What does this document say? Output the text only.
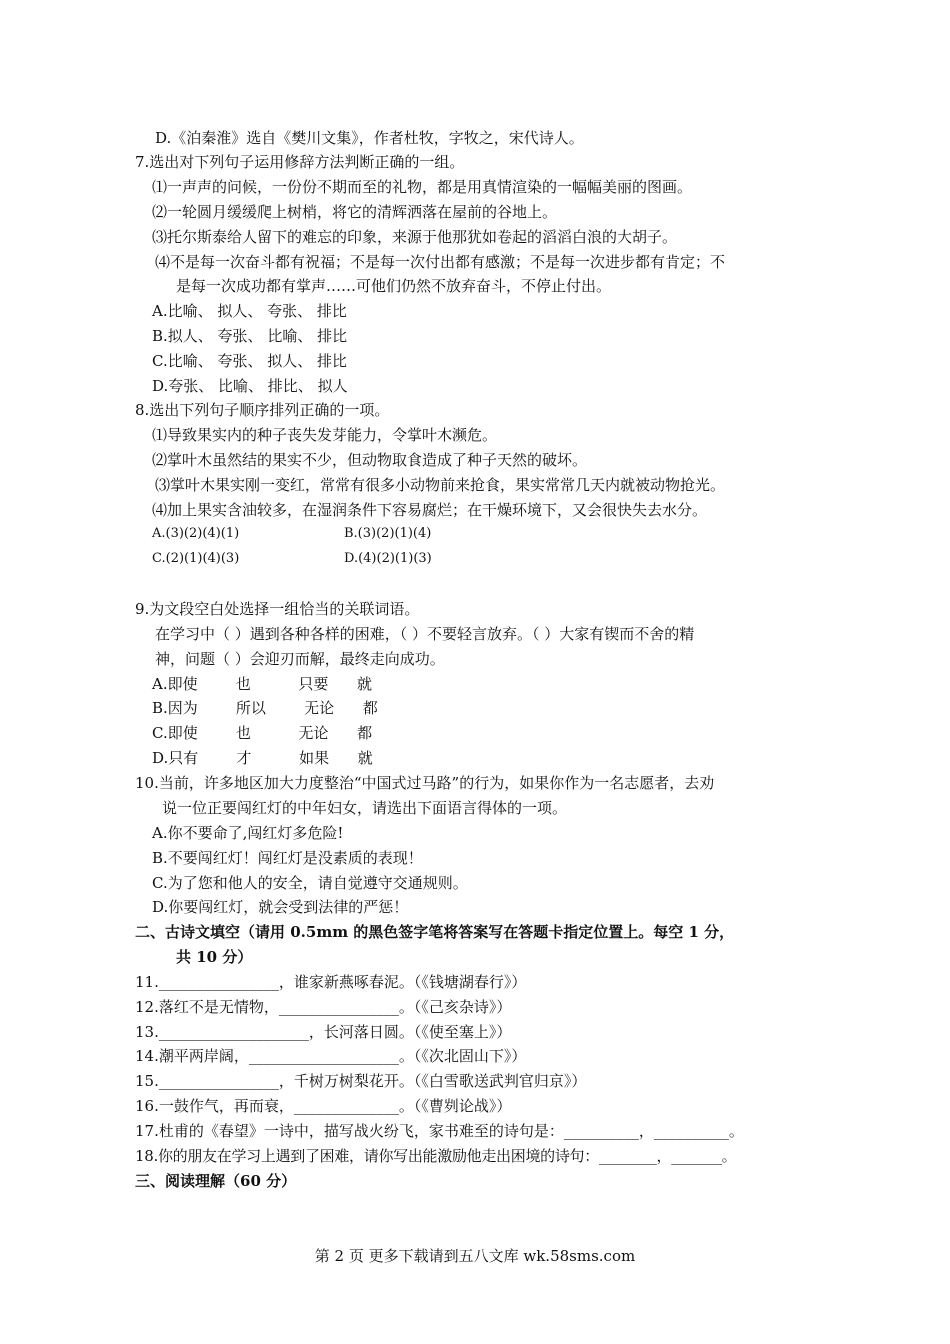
D.《泊秦淮》选自《樊川文集》，作者杜牧，字牧之，宋代诗人。
7.选出对下列句子运用修辞方法判断正确的一组。
⑴一声声的问候，一份份不期而至的礼物，都是用真情渲染的一幅幅美丽的图画。
⑵一轮圆月缓缓爬上树梢，将它的清辉洒落在屋前的谷地上。
⑶托尔斯泰给人留下的难忘的印象，来源于他那犹如卷起的滔滔白浪的大胡子。
⑷不是每一次奋斗都有祝福；不是每一次付出都有感激；不是每一次进步都有肯定；不
是每一次成功都有掌声……可他们仍然不放弃奋斗，不停止付出。
A.比喻、 拟人、 夸张、 排比
B.拟人、 夸张、 比喻、 排比
C.比喻、 夸张、 拟人、 排比
D.夸张、 比喻、 排比、 拟人
8.选出下列句子顺序排列正确的一项。
⑴导致果实内的种子丧失发芽能力，令掌叶木濒危。
⑵掌叶木虽然结的果实不少，但动物取食造成了种子天然的破坏。
⑶掌叶木果实刚一变红，常常有很多小动物前来抢食，果实常常几天内就被动物抢光。
⑷加上果实含油较多，在湿润条件下容易腐烂；在干燥环境下，又会很快失去水分。
A.(3)(2)(4)(1)	B.(3)(2)(1)(4)
C.(2)(1)(4)(3)	D.(4)(2)(1)(3)
9.为文段空白处选择一组恰当的关联词语。
在学习中（ ）遇到各种各样的困难，（ ）不要轻言放弃。（ ）大家有锲而不舍的精
神，问题（ ）会迎刃而解，最终走向成功。
A.即使        也          只要      就
B.因为        所以        无论      都
C.即使        也          无论      都
D.只有        才          如果      就
10.当前，许多地区加大力度整治“中国式过马路”的行为，如果你作为一名志愿者，去劝
说一位正要闯红灯的中年妇女，请选出下面语言得体的一项。
A.你不要命了,闯红灯多危险!
B.不要闯红灯！闯红灯是没素质的表现！
C.为了您和他人的安全，请自觉遵守交通规则。
D.你要闯红灯，就会受到法律的严惩！
二、古诗文填空（请用 0.5mm 的黑色签字笔将答案写在答题卡指定位置上。每空 1 分，
共 10 分）
11.________________，谁家新燕啄春泥。（《钱塘湖春行》）
12.落红不是无情物，________________。（《己亥杂诗》）
13.____________________，长河落日圆。（《使至塞上》）
14.潮平两岸阔，____________________。（《次北固山下》）
15.________________，千树万树梨花开。（《白雪歌送武判官归京》）
16.一鼓作气，再而衰，______________。（《曹刿论战》）
17.杜甫的《春望》一诗中，描写战火纷飞，家书难至的诗句是：__________，__________。
18.你的朋友在学习上遇到了困难，请你写出能激励他走出困境的诗句：________，_______。
三、阅读理解（60 分）
第 2 页 更多下载请到五八文库 wk.58sms.com
